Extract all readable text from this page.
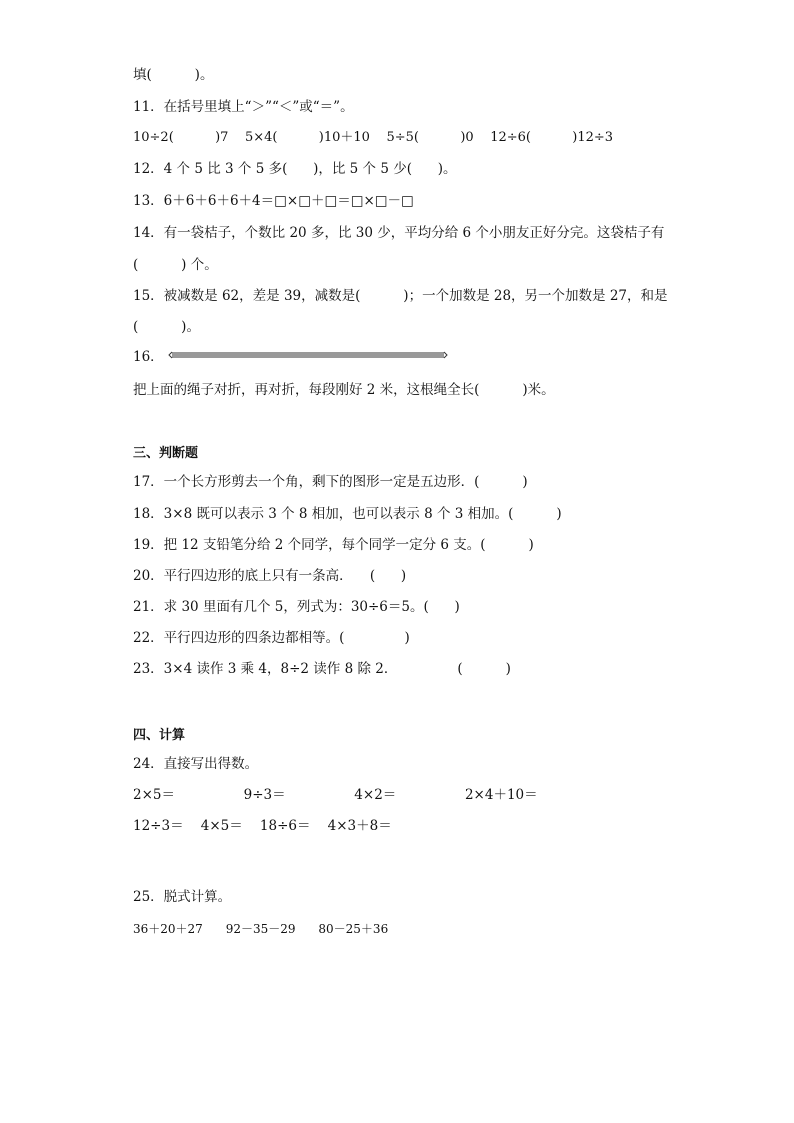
填(          )。
11．在括号里填上“＞”“＜”或“＝”。
10÷2(          )7    5×4(          )10＋10    5÷5(          )0    12÷6(          )12÷3
12．4 个 5 比 3 个 5 多(      )，比 5 个 5 少(      )。
13．6＋6＋6＋6＋4＝□×□＋□＝□×□－□
14．有一袋桔子，个数比 20 多，比 30 少，平均分给 6 个小朋友正好分完。这袋桔子有
(          ) 个。
15．被减数是 62，差是 39，减数是(          )；一个加数是 28，另一个加数是 27，和是
(          )。
16．
把上面的绳子对折，再对折，每段刚好 2 米，这根绳全长(          )米。
三、判断题
17．一个长方形剪去一个角，剩下的图形一定是五边形．(          )
18．3×8 既可以表示 3 个 8 相加，也可以表示 8 个 3 相加。(          )
19．把 12 支铅笔分给 2 个同学，每个同学一定分 6 支。(          )
20．平行四边形的底上只有一条高．    (      )
21．求 30 里面有几个 5，列式为：30÷6＝5。(      )
22．平行四边形的四条边都相等。(              )
23．3×4 读作 3 乘 4，8÷2 读作 8 除 2．              (          )
四、计算
24．直接写出得数。
2×5＝                9÷3＝                4×2＝                2×4＋10＝
12÷3＝    4×5＝    18÷6＝    4×3＋8＝
25．脱式计算。
36＋20＋27      92－35－29      80－25＋36
